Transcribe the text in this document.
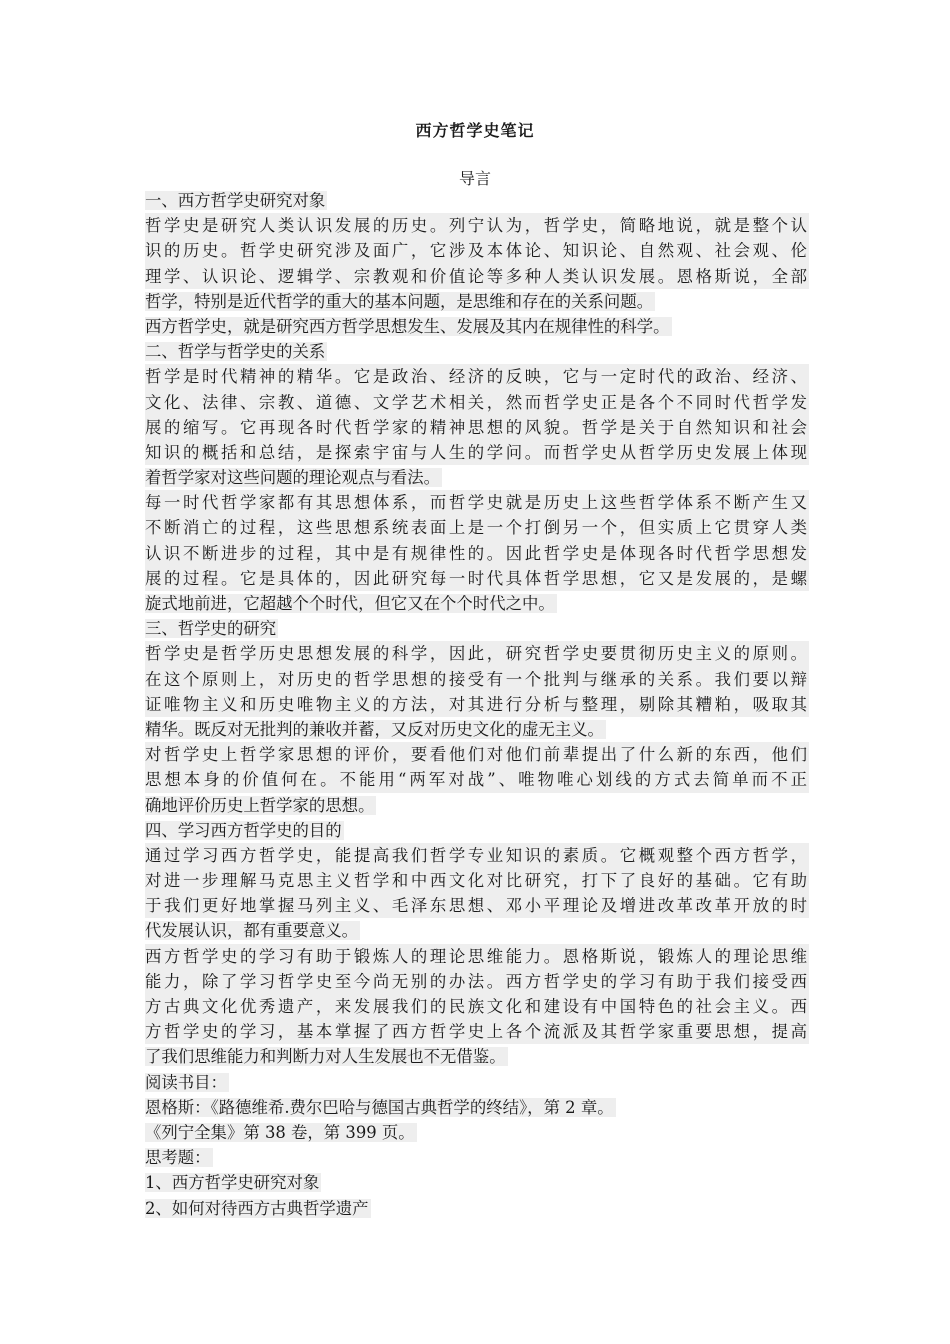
西方哲学史笔记
导言
一、西方哲学史研究对象
哲学史是研究人类认识发展的历史。列宁认为，哲学史，简略地说，就是整个认
识的历史。哲学史研究涉及面广，它涉及本体论、知识论、自然观、社会观、伦
理学、认识论、逻辑学、宗教观和价值论等多种人类认识发展。恩格斯说，全部
哲学，特别是近代哲学的重大的基本问题，是思维和存在的关系问题。
西方哲学史，就是研究西方哲学思想发生、发展及其内在规律性的科学。
二、哲学与哲学史的关系
哲学是时代精神的精华。它是政治、经济的反映，它与一定时代的政治、经济、
文化、法律、宗教、道德、文学艺术相关，然而哲学史正是各个不同时代哲学发
展的缩写。它再现各时代哲学家的精神思想的风貌。哲学是关于自然知识和社会
知识的概括和总结，是探索宇宙与人生的学问。而哲学史从哲学历史发展上体现
着哲学家对这些问题的理论观点与看法。
每一时代哲学家都有其思想体系，而哲学史就是历史上这些哲学体系不断产生又
不断消亡的过程，这些思想系统表面上是一个打倒另一个，但实质上它贯穿人类
认识不断进步的过程，其中是有规律性的。因此哲学史是体现各时代哲学思想发
展的过程。它是具体的，因此研究每一时代具体哲学思想，它又是发展的，是螺
旋式地前进，它超越个个时代，但它又在个个时代之中。
三、哲学史的研究
哲学史是哲学历史思想发展的科学，因此，研究哲学史要贯彻历史主义的原则。
在这个原则上，对历史的哲学思想的接受有一个批判与继承的关系。我们要以辩
证唯物主义和历史唯物主义的方法，对其进行分析与整理，剔除其糟粕，吸取其
精华。既反对无批判的兼收并蓄，又反对历史文化的虚无主义。
对哲学史上哲学家思想的评价，要看他们对他们前辈提出了什么新的东西，他们
思想本身的价值何在。不能用“两军对战”、唯物唯心划线的方式去简单而不正
确地评价历史上哲学家的思想。
四、学习西方哲学史的目的
通过学习西方哲学史，能提高我们哲学专业知识的素质。它概观整个西方哲学，
对进一步理解马克思主义哲学和中西文化对比研究，打下了良好的基础。它有助
于我们更好地掌握马列主义、毛泽东思想、邓小平理论及增进改革改革开放的时
代发展认识，都有重要意义。
西方哲学史的学习有助于锻炼人的理论思维能力。恩格斯说，锻炼人的理论思维
能力，除了学习哲学史至今尚无别的办法。西方哲学史的学习有助于我们接受西
方古典文化优秀遗产，来发展我们的民族文化和建设有中国特色的社会主义。西
方哲学史的学习，基本掌握了西方哲学史上各个流派及其哲学家重要思想，提高
了我们思维能力和判断力对人生发展也不无借鉴。
阅读书目：
恩格斯：《路德维希.费尔巴哈与德国古典哲学的终结》，第 2 章。
《列宁全集》第 38 卷，第 399 页。
思考题：
1、西方哲学史研究对象
2、如何对待西方古典哲学遗产
